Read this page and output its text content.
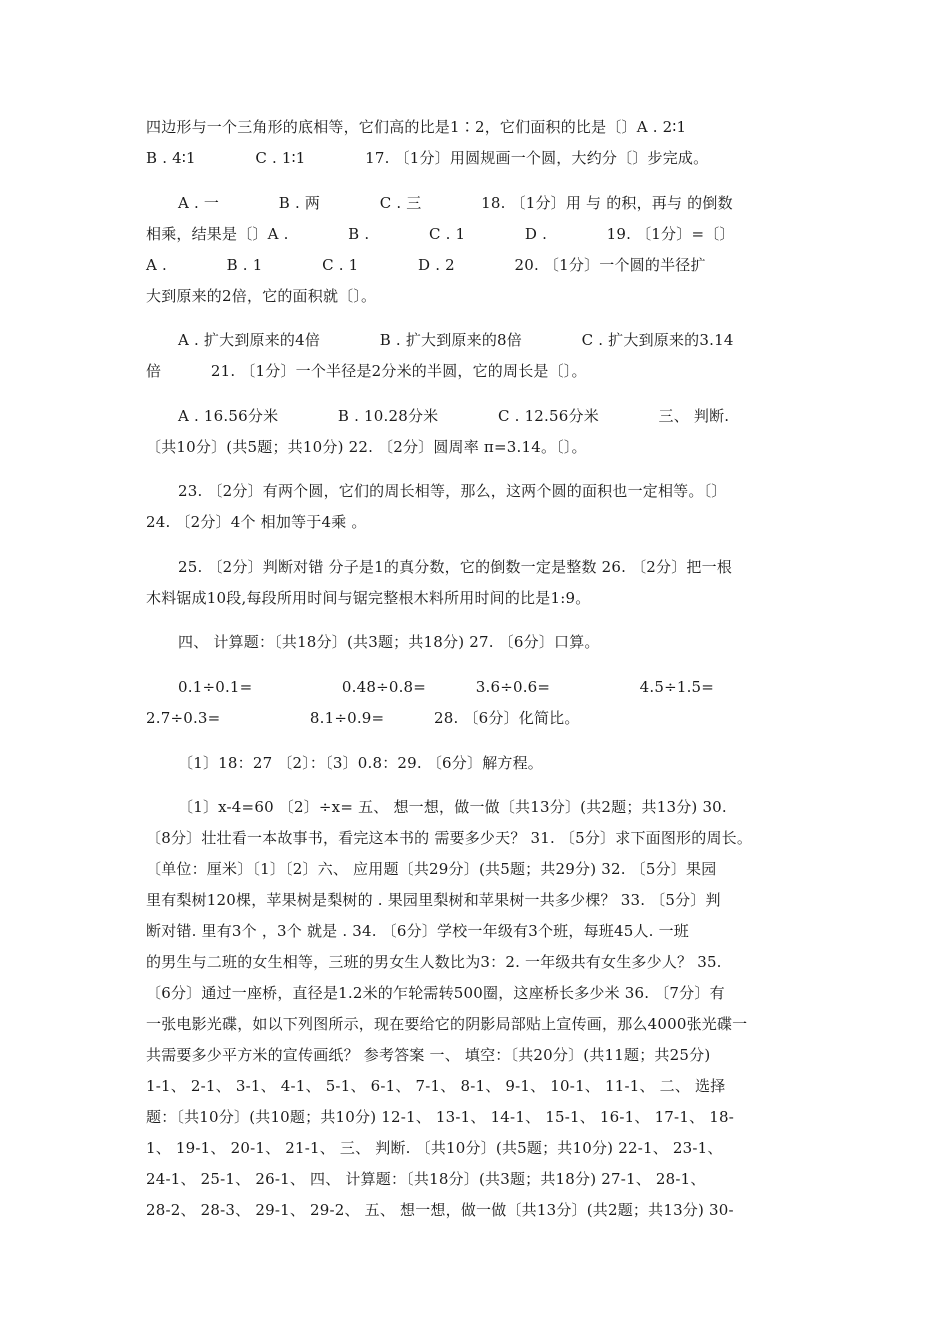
四边形与一个三角形的底相等，它们高的比是1∶2，它们面积的比是〔〕A . 2∶1
B . 4∶1            C . 1∶1            17. 〔1分〕用圆规画一个圆，大约分〔〕步完成。
A . 一            B . 两            C . 三            18. 〔1分〕用 与 的积，再与 的倒数
相乘，结果是〔〕A .            B .            C . 1            D .            19. 〔1分〕=〔〕
A .            B . 1            C . 1            D . 2            20. 〔1分〕一个圆的半径扩
大到原来的2倍，它的面积就〔〕。
A . 扩大到原来的4倍            B . 扩大到原来的8倍            C . 扩大到原来的3.14
倍          21. 〔1分〕一个半径是2分米的半圆，它的周长是〔〕。
A . 16.56分米            B . 10.28分米            C . 12.56分米            三、 判断.
〔共10分〕(共5题；共10分) 22. 〔2分〕圆周率 π=3.14。〔〕。
23. 〔2分〕有两个圆，它们的周长相等，那么，这两个圆的面积也一定相等。〔〕
24. 〔2分〕4个 相加等于4乘 。
25. 〔2分〕判断对错 分子是1的真分数，它的倒数一定是整数 26. 〔2分〕把一根
木料锯成10段,每段所用时间与锯完整根木料所用时间的比是1:9。
四、 计算题：〔共18分〕(共3题；共18分) 27. 〔6分〕口算。
0.1÷0.1=                  0.48÷0.8=          3.6÷0.6=                  4.5÷1.5=
2.7÷0.3=                  8.1÷0.9=          28. 〔6分〕化简比。
〔1〕18：27 〔2〕：〔3〕0.8：29. 〔6分〕解方程。
〔1〕x-4=60 〔2〕÷x= 五、 想一想，做一做〔共13分〕(共2题；共13分) 30.
〔8分〕壮壮看一本故事书，看完这本书的 需要多少天？ 31. 〔5分〕求下面图形的周长。
〔单位：厘米〕〔1〕〔2〕六、 应用题〔共29分〕(共5题；共29分) 32. 〔5分〕果园
里有梨树120棵，苹果树是梨树的 . 果园里梨树和苹果树一共多少棵？ 33. 〔5分〕判
断对错. 里有3个 ，3个 就是 . 34. 〔6分〕学校一年级有3个班，每班45人. 一班
的男生与二班的女生相等，三班的男女生人数比为3：2. 一年级共有女生多少人？ 35.
〔6分〕通过一座桥，直径是1.2米的乍轮需转500圈，这座桥长多少米 36. 〔7分〕有
一张电影光碟，如以下列图所示，现在要给它的阴影局部贴上宣传画，那么4000张光碟一
共需要多少平方米的宣传画纸？ 参考答案 一、 填空：〔共20分〕(共11题；共25分)
1-1、 2-1、 3-1、 4-1、 5-1、 6-1、 7-1、 8-1、 9-1、 10-1、 11-1、 二、 选择
题：〔共10分〕(共10题；共10分) 12-1、 13-1、 14-1、 15-1、 16-1、 17-1、 18-
1、 19-1、 20-1、 21-1、 三、 判断. 〔共10分〕(共5题；共10分) 22-1、 23-1、
24-1、 25-1、 26-1、 四、 计算题：〔共18分〕(共3题；共18分) 27-1、 28-1、
28-2、 28-3、 29-1、 29-2、 五、 想一想，做一做〔共13分〕(共2题；共13分) 30-
